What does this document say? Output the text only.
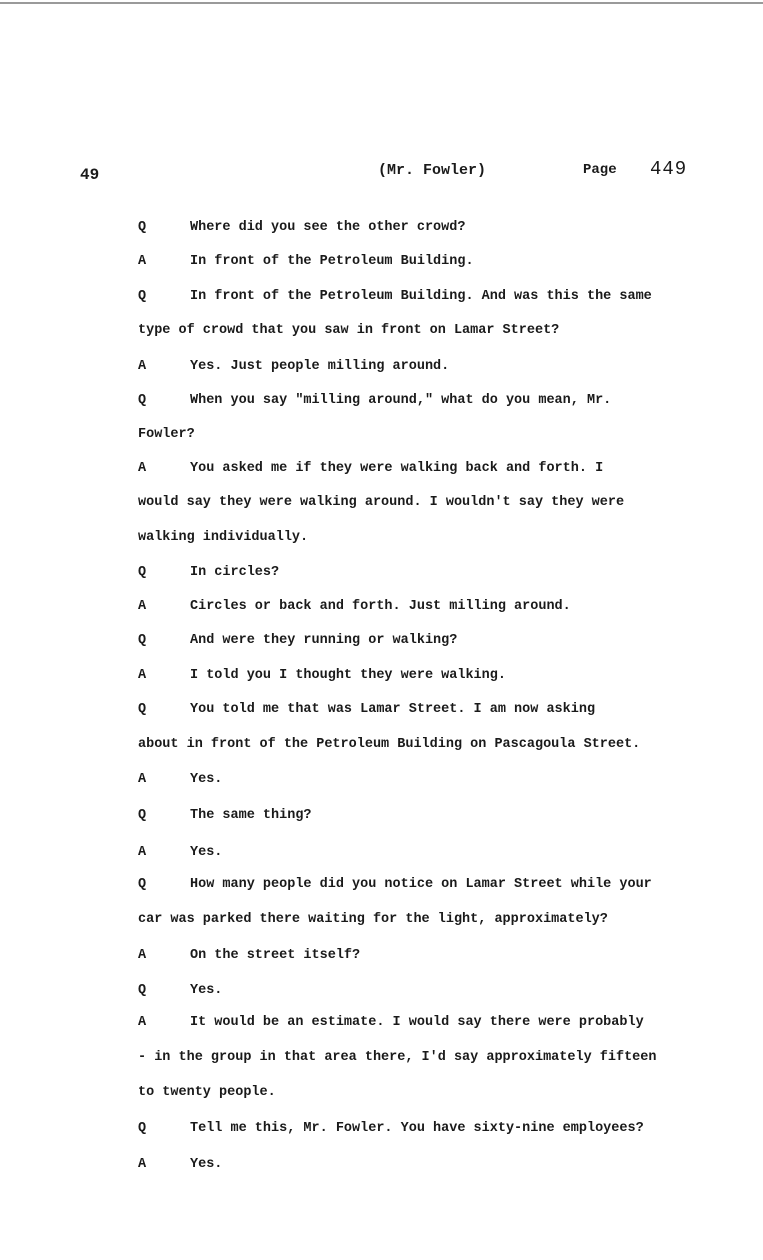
49	(Mr. Fowler)	Page 449
Q	Where did you see the other crowd?
A	In front of the Petroleum Building.
Q	In front of the Petroleum Building. And was this the same
type of crowd that you saw in front on Lamar Street?
A	Yes. Just people milling around.
Q	When you say "milling around," what do you mean, Mr.
Fowler?
A	You asked me if they were walking back and forth. I
would say they were walking around. I wouldn't say they were
walking individually.
Q	In circles?
A	Circles or back and forth. Just milling around.
Q	And were they running or walking?
A	I told you I thought they were walking.
Q	You told me that was Lamar Street. I am now asking
about in front of the Petroleum Building on Pascagoula Street.
A	Yes.
Q	The same thing?
A	Yes.
Q	How many people did you notice on Lamar Street while your
car was parked there waiting for the light, approximately?
A	On the street itself?
Q	Yes.
A	It would be an estimate. I would say there were probably
- in the group in that area there, I'd say approximately fifteen
to twenty people.
Q	Tell me this, Mr. Fowler. You have sixty-nine employees?
A	Yes.
